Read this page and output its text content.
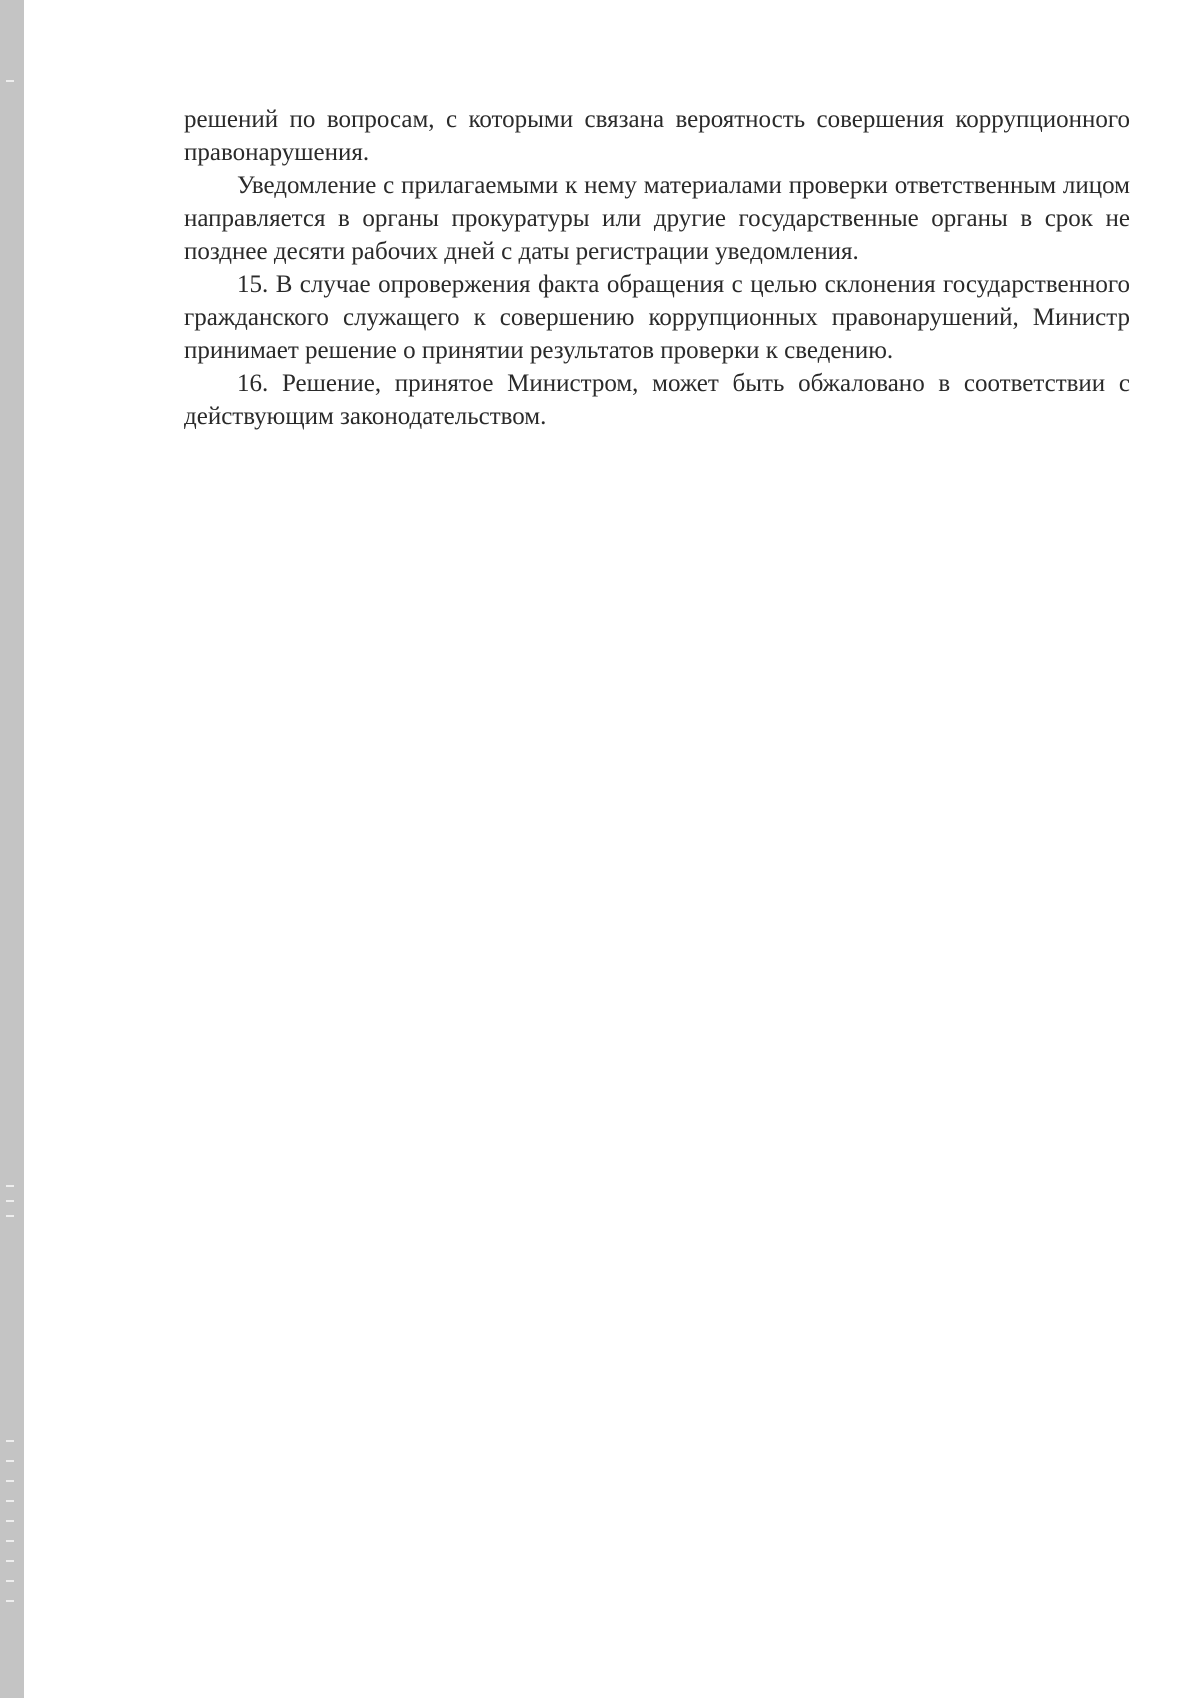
решений по вопросам, с которыми связана вероятность совершения коррупционного правонарушения.

Уведомление с прилагаемыми к нему материалами проверки ответственным лицом направляется в органы прокуратуры или другие государственные органы в срок не позднее десяти рабочих дней с даты регистрации уведомления.

15. В случае опровержения факта обращения с целью склонения государственного гражданского служащего к совершению коррупционных правонарушений, Министр принимает решение о принятии результатов проверки к сведению.

16. Решение, принятое Министром, может быть обжаловано в соответствии с действующим законодательством.
